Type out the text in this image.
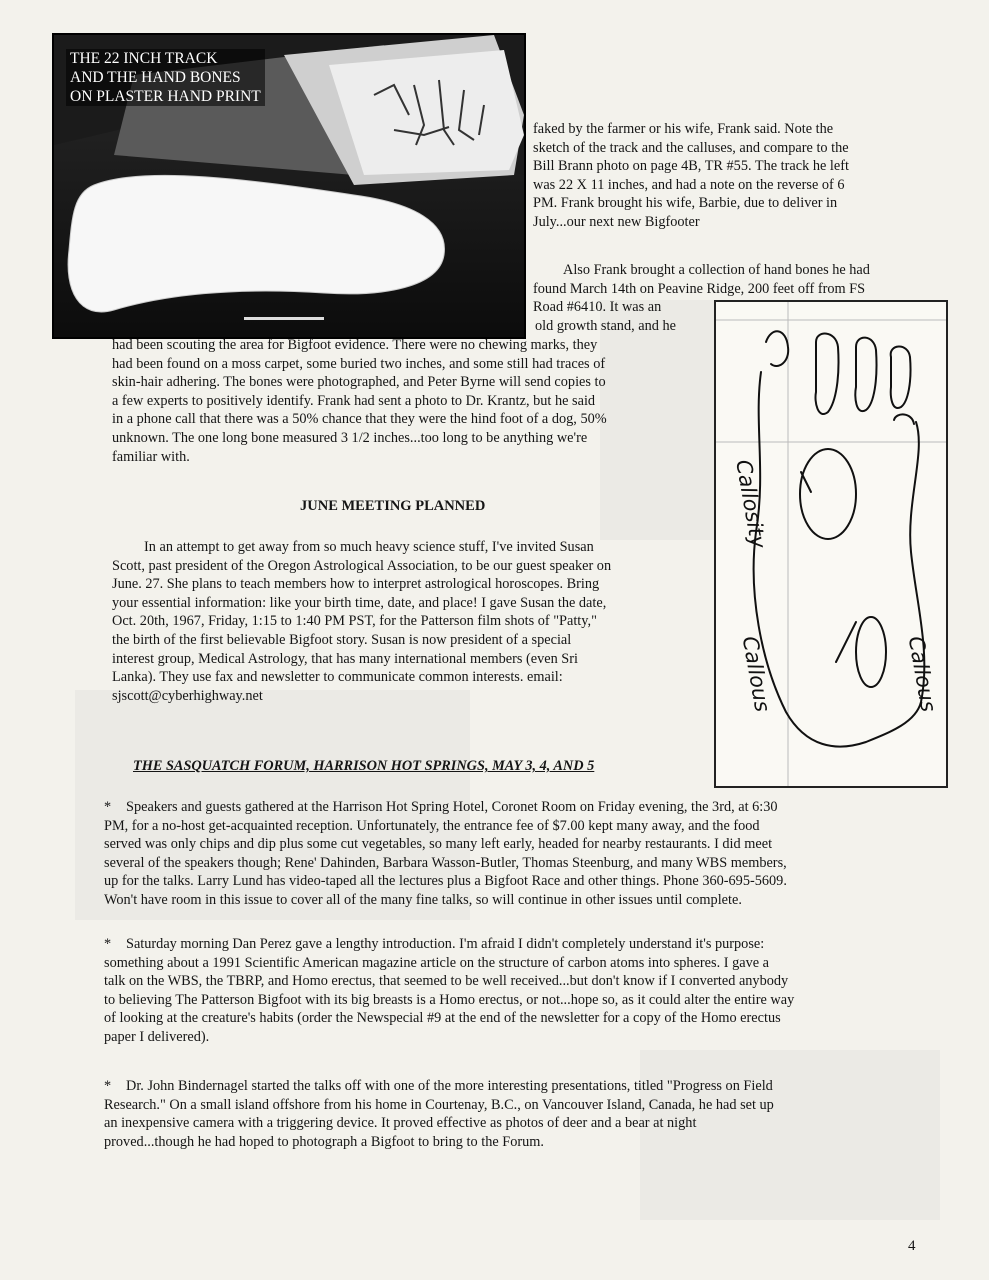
THE 22 INCH TRACK
AND THE HAND BONES
ON PLASTER HAND PRINT
faked by the farmer or his wife, Frank said. Note the
sketch of the track and the calluses, and compare to the
Bill Brann photo on page 4B, TR #55. The track he left
was 22 X 11 inches, and had a note on the reverse of 6
PM. Frank brought his wife, Barbie, due to deliver in
July...our next new Bigfooter
Also Frank brought a collection of hand bones he had
found March 14th on Peavine Ridge, 200 feet off from FS
Road #6410. It was an
old growth stand, and he
had been scouting the area for Bigfoot evidence. There were no chewing marks, they
had been found on a moss carpet, some buried two inches, and some still had traces of
skin-hair adhering. The bones were photographed, and Peter Byrne will send copies to
a few experts to positively identify. Frank had sent a photo to Dr. Krantz, but he said
in a phone call that there was a 50% chance that they were the hind foot of a dog, 50%
unknown. The one long bone measured 3 1/2 inches...too long to be anything we're
familiar with.
Callosity
Callous	Callous
JUNE MEETING PLANNED
In an attempt to get away from so much heavy science stuff, I've invited Susan
Scott, past president of the Oregon Astrological Association, to be our guest speaker on
June. 27. She plans to teach members how to interpret astrological horoscopes. Bring
your essential information: like your birth time, date, and place! I gave Susan the date,
Oct. 20th, 1967, Friday, 1:15 to 1:40 PM PST, for the Patterson film shots of "Patty,"
the birth of the first believable Bigfoot story. Susan is now president of a special
interest group, Medical Astrology, that has many international members (even Sri
Lanka). They use fax and newsletter to communicate common interests. email:
sjscott@cyberhighway.net
THE SASQUATCH FORUM, HARRISON HOT SPRINGS, MAY 3, 4, AND 5
* Speakers and guests gathered at the Harrison Hot Spring Hotel, Coronet Room on Friday evening, the 3rd, at 6:30
PM, for a no-host get-acquainted reception. Unfortunately, the entrance fee of $7.00 kept many away, and the food
served was only chips and dip plus some cut vegetables, so many left early, headed for nearby restaurants. I did meet
several of the speakers though; Rene' Dahinden, Barbara Wasson-Butler, Thomas Steenburg, and many WBS members,
up for the talks. Larry Lund has video-taped all the lectures plus a Bigfoot Race and other things. Phone 360-695-5609.
Won't have room in this issue to cover all of the many fine talks, so will continue in other issues until complete.
* Saturday morning Dan Perez gave a lengthy introduction. I'm afraid I didn't completely understand it's purpose:
something about a 1991 Scientific American magazine article on the structure of carbon atoms into spheres. I gave a
talk on the WBS, the TBRP, and Homo erectus, that seemed to be well received...but don't know if I converted anybody
to believing The Patterson Bigfoot with its big breasts is a Homo erectus, or not...hope so, as it could alter the entire way
of looking at the creature's habits (order the Newspecial #9 at the end of the newsletter for a copy of the Homo erectus
paper I delivered).
* Dr. John Bindernagel started the talks off with one of the more interesting presentations, titled "Progress on Field
Research." On a small island offshore from his home in Courtenay, B.C., on Vancouver Island, Canada, he had set up
an inexpensive camera with a triggering device. It proved effective as photos of deer and a bear at night
proved...though he had hoped to photograph a Bigfoot to bring to the Forum.
4
